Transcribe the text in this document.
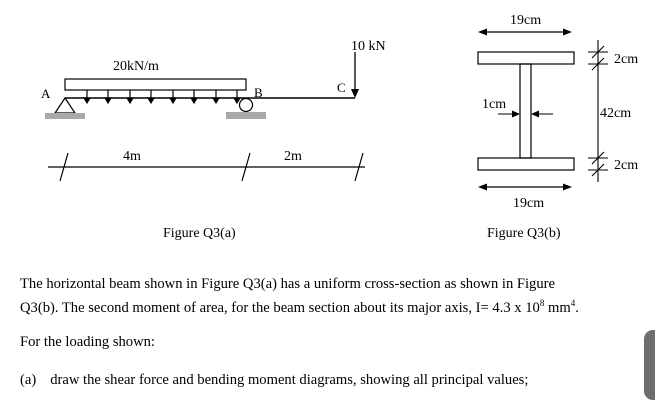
20kN/m
A	B
10 kN
C
4m	2m
Figure Q3(a)
19cm
2cm
42cm
2cm
1cm
19cm
Figure Q3(b)

The horizontal beam shown in Figure Q3(a) has a uniform cross-section as shown in Figure

Q3(b). The second moment of area, for the beam section about its major axis, I= 4.3 x $10^8$ $mm^4$.

For the loading shown:

(a) draw the shear force and bending moment diagrams, showing all principal values;
